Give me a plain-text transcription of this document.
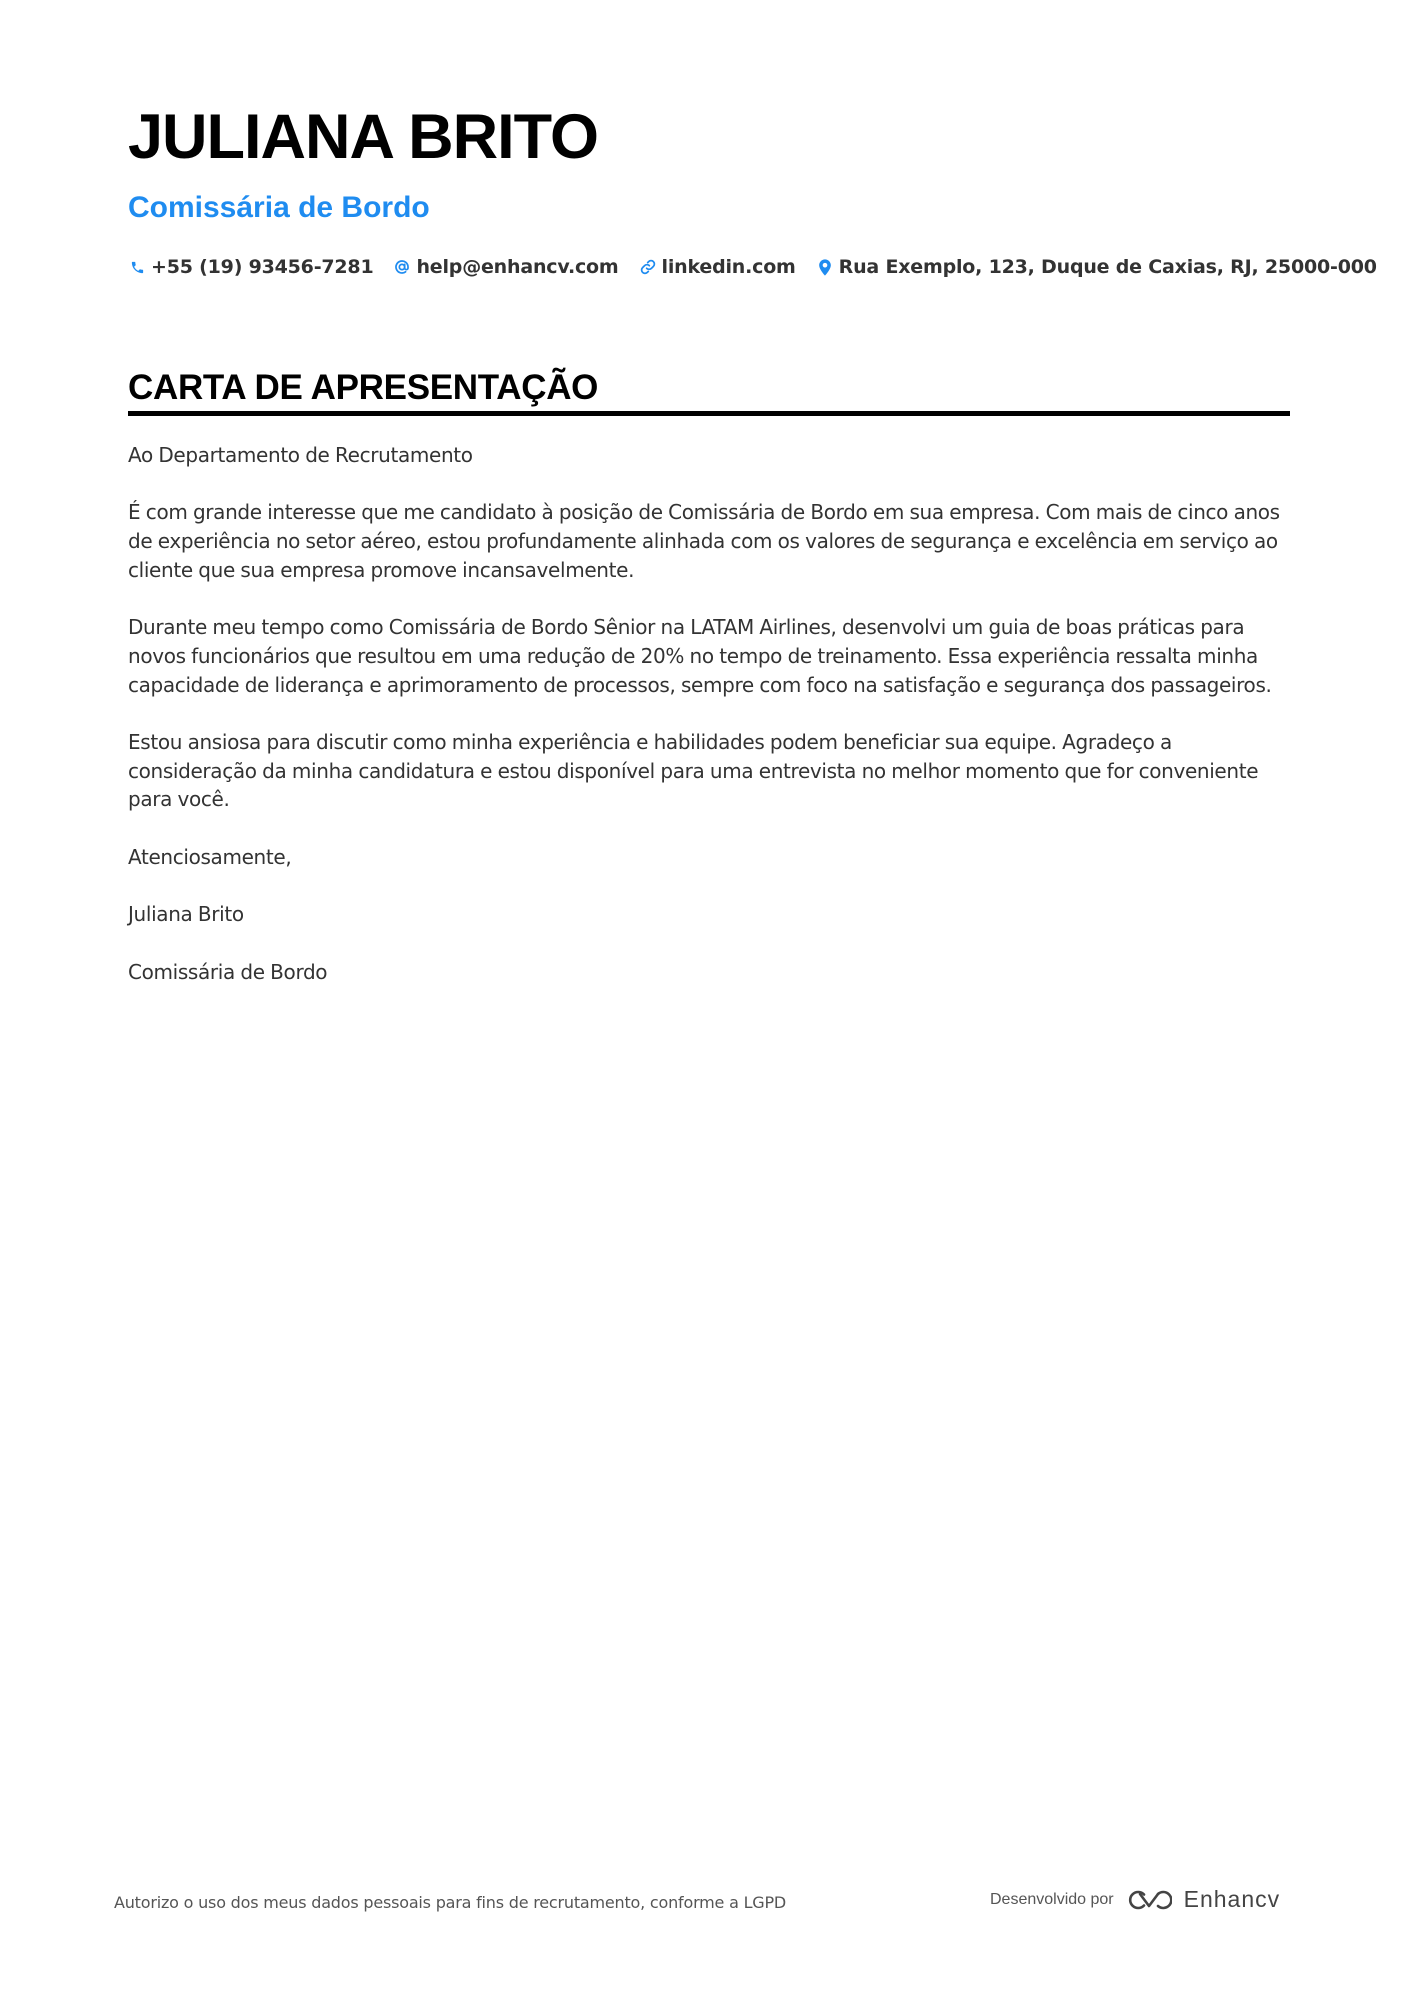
JULIANA BRITO
Comissária de Bordo
+55 (19) 93456-7281 help@enhancv.com linkedin.com Rua Exemplo, 123, Duque de Caxias, RJ, 25000-000
CARTA DE APRESENTAÇÃO

Ao Departamento de Recrutamento

É com grande interesse que me candidato à posição de Comissária de Bordo em sua empresa. Com mais de cinco anos de experiência no setor aéreo, estou profundamente alinhada com os valores de segurança e excelência em serviço ao cliente que sua empresa promove incansavelmente.

Durante meu tempo como Comissária de Bordo Sênior na LATAM Airlines, desenvolvi um guia de boas práticas para novos funcionários que resultou em uma redução de 20% no tempo de treinamento. Essa experiência ressalta minha capacidade de liderança e aprimoramento de processos, sempre com foco na satisfação e segurança dos passageiros.

Estou ansiosa para discutir como minha experiência e habilidades podem beneficiar sua equipe. Agradeço a consideração da minha candidatura e estou disponível para uma entrevista no melhor momento que for conveniente para você.

Atenciosamente,

Juliana Brito

Comissária de Bordo

Autorizo o uso dos meus dados pessoais para fins de recrutamento, conforme a LGPD	Desenvolvido por	Enhancv
